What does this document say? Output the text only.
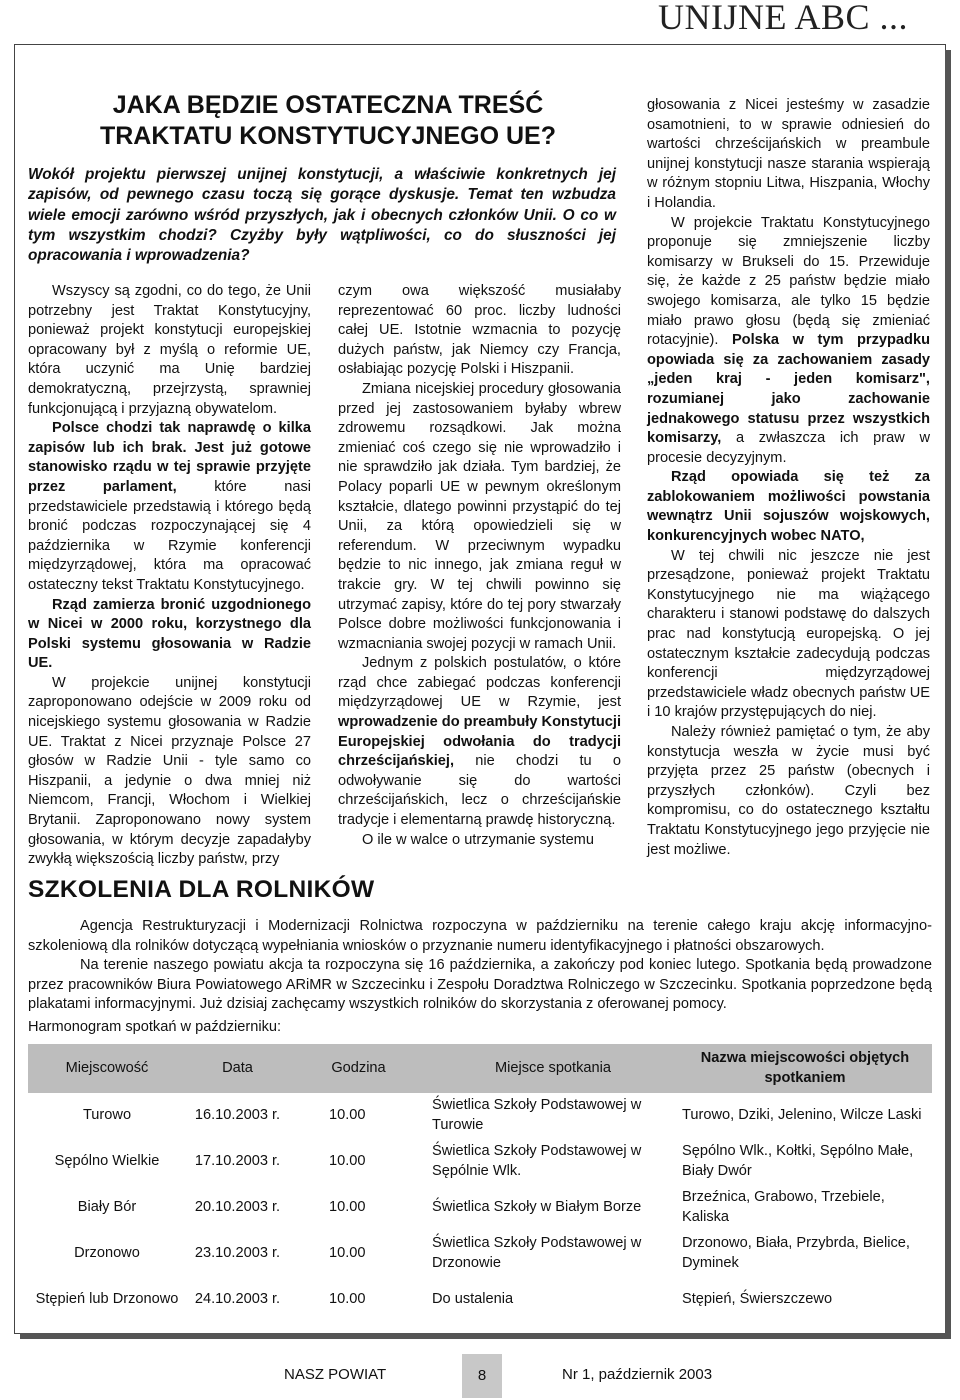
UNIJNE ABC ...
JAKA BĘDZIE OSTATECZNA TREŚĆ
TRAKTATU KONSTYTUCYJNEGO UE?
Wokół projektu pierwszej unijnej konstytucji, a właściwie konkretnych jej zapisów, od pewnego czasu toczą się gorące dyskusje. Temat ten wzbudza wiele emocji zarówno wśród przyszłych, jak i obecnych członków Unii. O co w tym wszystkim chodzi? Czyżby były wątpliwości, co do słuszności jej opracowania i wprowadzenia?

Wszyscy są zgodni, co do tego, że Unii potrzebny jest Traktat Konstytucyjny, ponieważ projekt konstytucji europejskiej opracowany był z myślą o reformie UE, która uczynić ma Unię bardziej demokratyczną, przejrzystą, sprawniej funkcjonującą i przyjazną obywatelom.

Polsce chodzi tak naprawdę o kilka zapisów lub ich brak. Jest już gotowe stanowisko rządu w tej sprawie przyjęte przez parlament, które nasi przedstawiciele przedstawią i którego będą bronić podczas rozpoczynającej się 4 października w Rzymie konferencji międzyrządowej, która ma opracować ostateczny tekst Traktatu Konstytucyjnego.

Rząd zamierza bronić uzgodnionego w Nicei w 2000 roku, korzystnego dla Polski systemu głosowania w Radzie UE.

W projekcie unijnej konstytucji zaproponowano odejście w 2009 roku od nicejskiego systemu głosowania w Radzie UE. Traktat z Nicei przyznaje Polsce 27 głosów w Radzie Unii - tyle samo co Hiszpanii, a jedynie o dwa mniej niż Niemcom, Francji, Włochom i Wielkiej Brytanii. Zaproponowano nowy system głosowania, w którym decyzje zapadałyby zwykłą większością liczby państw, przy

czym owa większość musiałaby reprezentować 60 proc. liczby ludności całej UE. Istotnie wzmacnia to pozycję dużych państw, jak Niemcy czy Francja, osłabiając pozycję Polski i Hiszpanii.

Zmiana nicejskiej procedury głosowania przed jej zastosowaniem byłaby wbrew zdrowemu rozsądkowi. Jak można zmieniać coś czego się nie wprowadziło i nie sprawdziło jak działa. Tym bardziej, że Polacy poparli UE w pewnym określonym kształcie, dlatego powinni przystąpić do tej Unii, za którą opowiedzieli się w referendum. W przeciwnym wypadku będzie to nic innego, jak zmiana reguł w trakcie gry. W tej chwili powinno się utrzymać zapisy, które do tej pory stwarzały Polsce dobre możliwości funkcjonowania i wzmacniania swojej pozycji w ramach Unii.

Jednym z polskich postulatów, o które rząd chce zabiegać podczas konferencji międzyrządowej UE w Rzymie, jest wprowadzenie do preambuły Konstytucji Europejskiej odwołania do tradycji chrześcijańskiej, nie chodzi tu o odwoływanie się do wartości chrześcijańskich, lecz o chrześcijańskie tradycje i elementarną prawdę historyczną.

O ile w walce o utrzymanie systemu

głosowania z Nicei jesteśmy w zasadzie osamotnieni, to w sprawie odniesień do wartości chrześcijańskich w preambule unijnej konstytucji nasze starania wspierają w różnym stopniu Litwa, Hiszpania, Włochy i Holandia.

W projekcie Traktatu Konstytucyjnego proponuje się zmniejszenie liczby komisarzy w Brukseli do 15. Przewiduje się, że każde z 25 państw będzie miało swojego komisarza, ale tylko 15 będzie miało prawo głosu (będą się zmieniać rotacyjnie). Polska w tym przypadku opowiada się za zachowaniem zasady „jeden kraj - jeden komisarz", rozumianej jako zachowanie jednakowego statusu przez wszystkich komisarzy, a zwłaszcza ich praw w procesie decyzyjnym.

Rząd opowiada się też za zablokowaniem możliwości powstania wewnątrz Unii sojuszów wojskowych, konkurencyjnych wobec NATO,

W tej chwili nic jeszcze nie jest przesądzone, ponieważ projekt Traktatu Konstytucyjnego nie ma wiążącego charakteru i stanowi podstawę do dalszych prac nad konstytucją europejską. O jej ostatecznym kształcie zadecydują podczas konferencji międzyrządowej przedstawiciele władz obecnych państw UE i 10 krajów przystępujących do niej.

Należy również pamiętać o tym, że aby konstytucja weszła w życie musi być przyjęta przez 25 państw (obecnych i przyszłych członków). Czyli bez kompromisu, co do ostatecznego kształtu Traktatu Konstytucyjnego jego przyjęcie nie jest możliwe.

SZKOLENIA DLA ROLNIKÓW

Agencja Restrukturyzacji i Modernizacji Rolnictwa rozpoczyna w październiku na terenie całego kraju akcję informacyjno-szkoleniową dla rolników dotyczącą wypełniania wniosków o przyznanie numeru identyfikacyjnego i płatności obszarowych.

Na terenie naszego powiatu akcja ta rozpoczyna się 16 października, a zakończy pod koniec lutego. Spotkania będą prowadzone przez pracowników Biura Powiatowego ARiMR w Szczecinku i Zespołu Doradztwa Rolniczego w Szczecinku. Spotkania poprzedzone będą plakatami informacyjnymi. Już dzisiaj zachęcamy wszystkich rolników do skorzystania z oferowanej pomocy.

Harmonogram spotkań w październiku:
Miejscowość	Data	Godzina	Miejsce spotkania	Nazwa miejscowości objętych spotkaniem
Turowo	16.10.2003 r.	10.00	Świetlica Szkoły Podstawowej w Turowie	Turowo, Dziki, Jelenino, Wilcze Laski
Sępólno Wielkie	17.10.2003 r.	10.00	Świetlica Szkoły Podstawowej w Sępólnie Wlk.	Sępólno Wlk., Kołtki, Sępólno Małe, Biały Dwór
Biały Bór	20.10.2003 r.	10.00	Świetlica Szkoły w Białym Borze	Brzeźnica, Grabowo, Trzebiele, Kaliska
Drzonowo	23.10.2003 r.	10.00	Świetlica Szkoły Podstawowej w Drzonowie	Drzonowo, Biała, Przybrda, Bielice, Dyminek
Stępień lub Drzonowo	24.10.2003 r.	10.00	Do ustalenia	Stępień, Świerszczewo
NASZ POWIAT	8	Nr 1, październik 2003
